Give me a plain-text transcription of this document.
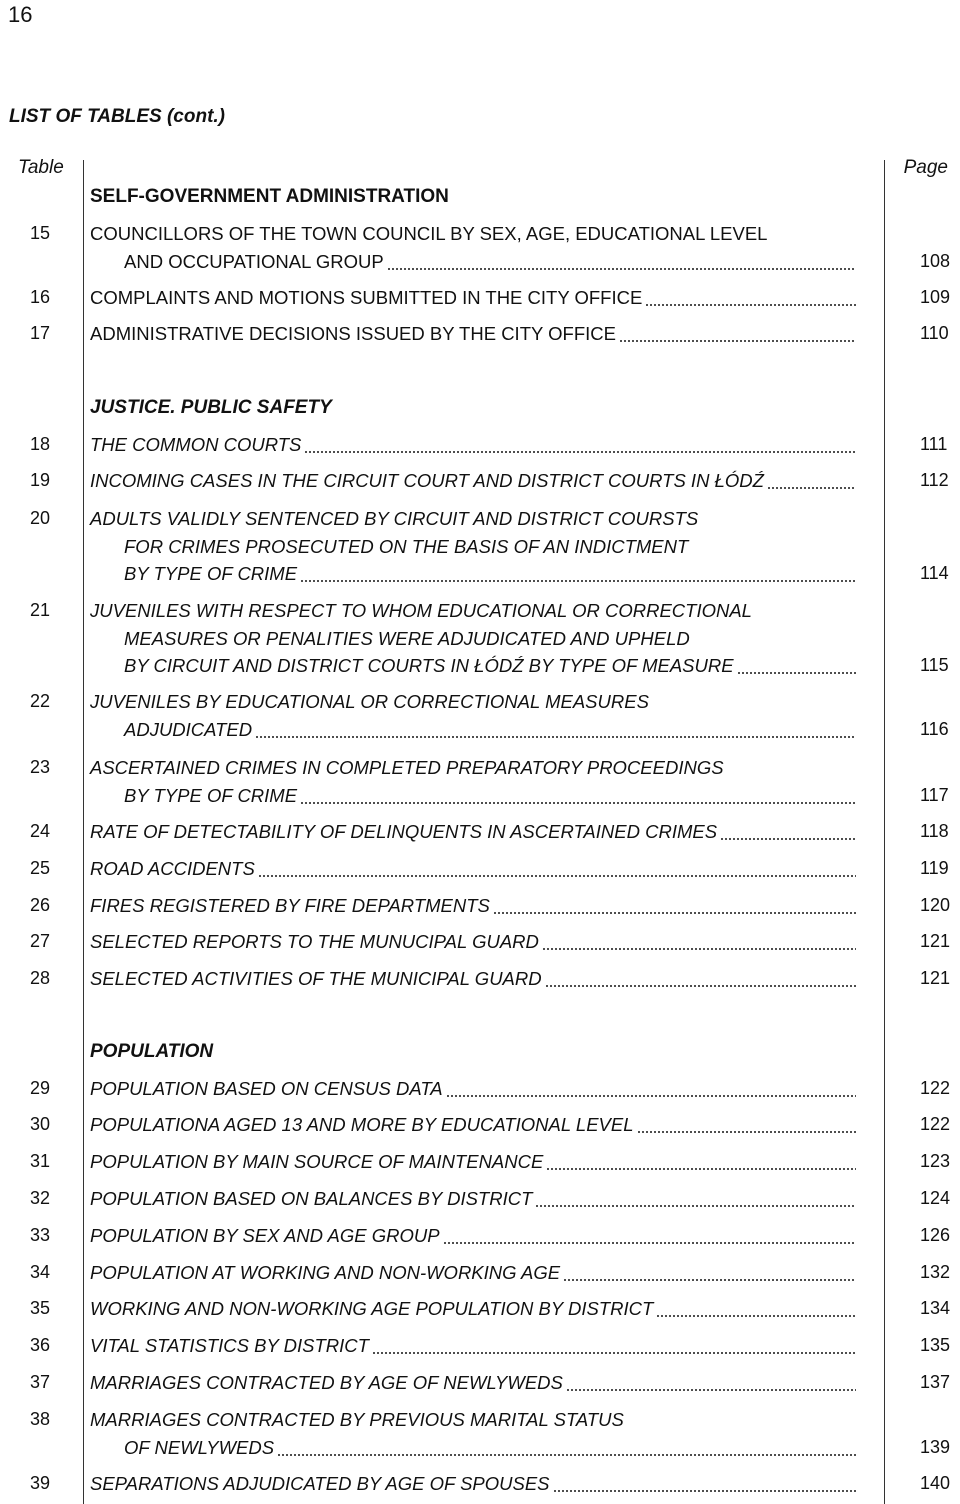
16
LIST OF TABLES (cont.)
Table	Page
SELF-GOVERNMENT ADMINISTRATION
15 COUNCILLORS OF THE TOWN COUNCIL BY SEX, AGE, EDUCATIONAL LEVEL
AND OCCUPATIONAL GROUP	108
16 COMPLAINTS AND MOTIONS SUBMITTED IN THE CITY OFFICE	109
17 ADMINISTRATIVE DECISIONS ISSUED BY THE CITY OFFICE	110
JUSTICE. PUBLIC SAFETY
18 THE COMMON COURTS	111
19 INCOMING CASES IN THE CIRCUIT COURT AND DISTRICT COURTS IN ŁÓDŹ	112
20 ADULTS VALIDLY SENTENCED BY CIRCUIT AND DISTRICT COURSTS
FOR CRIMES PROSECUTED ON THE BASIS OF AN INDICTMENT
BY TYPE OF CRIME	114
21 JUVENILES WITH RESPECT TO WHOM EDUCATIONAL OR CORRECTIONAL
MEASURES OR PENALITIES WERE ADJUDICATED AND UPHELD
BY CIRCUIT AND DISTRICT COURTS IN ŁÓDŹ BY TYPE OF MEASURE	115
22 JUVENILES BY EDUCATIONAL OR CORRECTIONAL MEASURES
ADJUDICATED	116
23 ASCERTAINED CRIMES IN COMPLETED PREPARATORY PROCEEDINGS
BY TYPE OF CRIME	117
24 RATE OF DETECTABILITY OF DELINQUENTS IN ASCERTAINED CRIMES	118
25 ROAD ACCIDENTS	119
26 FIRES REGISTERED BY FIRE DEPARTMENTS	120
27 SELECTED REPORTS TO THE MUNUCIPAL GUARD	121
28 SELECTED ACTIVITIES OF THE MUNICIPAL GUARD	121
POPULATION
29 POPULATION BASED ON CENSUS DATA	122
30 POPULATIONA AGED 13 AND MORE BY EDUCATIONAL LEVEL	122
31 POPULATION BY MAIN SOURCE OF MAINTENANCE	123
32 POPULATION BASED ON BALANCES BY DISTRICT	124
33 POPULATION BY SEX AND AGE GROUP	126
34 POPULATION AT WORKING AND NON-WORKING AGE	132
35 WORKING AND NON-WORKING AGE POPULATION BY DISTRICT	134
36 VITAL STATISTICS BY DISTRICT	135
37 MARRIAGES CONTRACTED BY AGE OF NEWLYWEDS	137
38 MARRIAGES CONTRACTED BY PREVIOUS MARITAL STATUS
OF NEWLYWEDS	139
39 SEPARATIONS ADJUDICATED BY AGE OF SPOUSES	140
